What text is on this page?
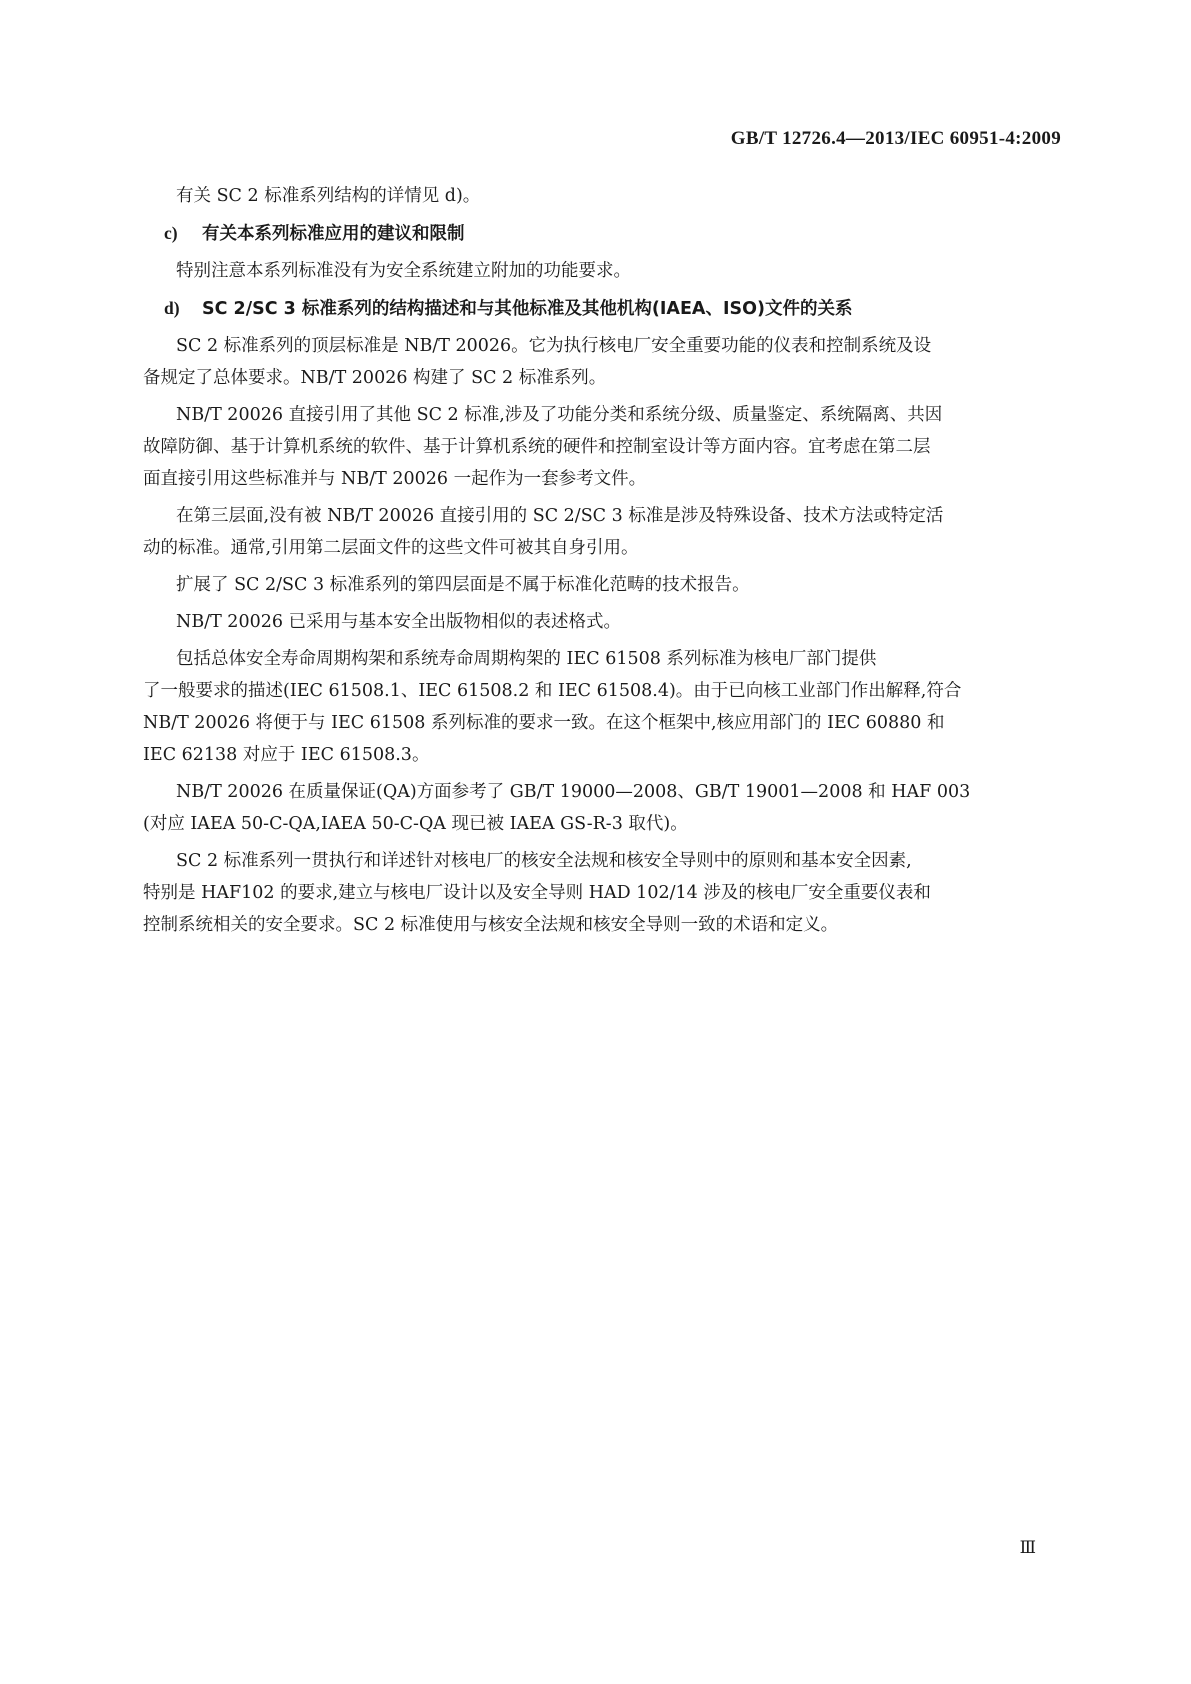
GB/T 12726.4—2013/IEC 60951-4:2009

有关 SC 2 标准系列结构的详情见 d)。

c) 有关本系列标准应用的建议和限制

特别注意本系列标准没有为安全系统建立附加的功能要求。

d) SC 2/SC 3 标准系列的结构描述和与其他标准及其他机构(IAEA、ISO)文件的关系
SC 2 标准系列的顶层标准是 NB/T 20026。它为执行核电厂安全重要功能的仪表和控制系统及设
备规定了总体要求。NB/T 20026 构建了 SC 2 标准系列。
NB/T 20026 直接引用了其他 SC 2 标准,涉及了功能分类和系统分级、质量鉴定、系统隔离、共因
故障防御、基于计算机系统的软件、基于计算机系统的硬件和控制室设计等方面内容。宜考虑在第二层
面直接引用这些标准并与 NB/T 20026 一起作为一套参考文件。
在第三层面,没有被 NB/T 20026 直接引用的 SC 2/SC 3 标准是涉及特殊设备、技术方法或特定活
动的标准。通常,引用第二层面文件的这些文件可被其自身引用。

扩展了 SC 2/SC 3 标准系列的第四层面是不属于标准化范畴的技术报告。

NB/T 20026 已采用与基本安全出版物相似的表述格式。

包括总体安全寿命周期构架和系统寿命周期构架的 IEC 61508 系列标准为核电厂部门提供
了一般要求的描述(IEC 61508.1、IEC 61508.2 和 IEC 61508.4)。由于已向核工业部门作出解释,符合
NB/T 20026 将便于与 IEC 61508 系列标准的要求一致。在这个框架中,核应用部门的 IEC 60880 和
IEC 62138 对应于 IEC 61508.3。
NB/T 20026 在质量保证(QA)方面参考了 GB/T 19000—2008、GB/T 19001—2008 和 HAF 003
(对应 IAEA 50-C-QA,IAEA 50-C-QA 现已被 IAEA GS-R-3 取代)。
SC 2 标准系列一贯执行和详述针对核电厂的核安全法规和核安全导则中的原则和基本安全因素,
特别是 HAF102 的要求,建立与核电厂设计以及安全导则 HAD 102/14 涉及的核电厂安全重要仪表和
控制系统相关的安全要求。SC 2 标准使用与核安全法规和核安全导则一致的术语和定义。
Ⅲ
